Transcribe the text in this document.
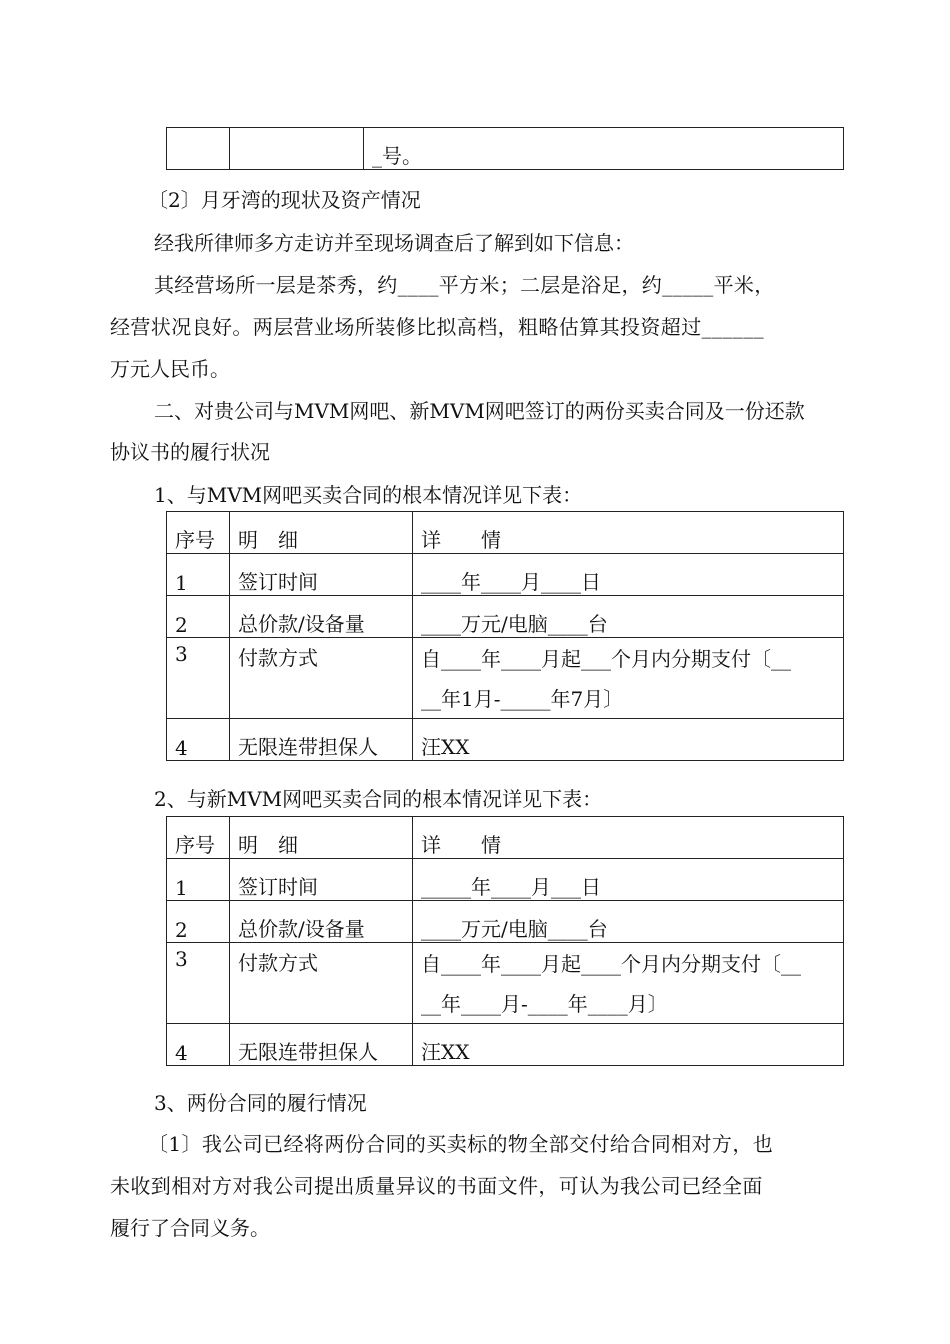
		_号。
〔2〕月牙湾的现状及资产情况
经我所律师多方走访并至现场调查后了解到如下信息：
其经营场所一层是茶秀，约____平方米；二层是浴足，约_____平米，
经营状况良好。两层营业场所装修比拟高档，粗略估算其投资超过______
万元人民币。
二、对贵公司与MVM网吧、新MVM网吧签订的两份买卖合同及一份还款
协议书的履行状况
1、与MVM网吧买卖合同的根本情况详见下表：
序号	明　细	详　　情
1	签订时间	____年____月____日
2	总价款/设备量	____万元/电脑____台
3	付款方式	自____年____月起___个月内分期支付〔__
__年1月-_____年7月〕

4	无限连带担保人	汪XX
2、与新MVM网吧买卖合同的根本情况详见下表：
序号	明　细	详　　情
1	签订时间	_____年____月___日
2	总价款/设备量	____万元/电脑____台
3	付款方式	自____年____月起____个月内分期支付〔__
__年____月-____年____月〕

4	无限连带担保人	汪XX
3、两份合同的履行情况
〔1〕我公司已经将两份合同的买卖标的物全部交付给合同相对方，也
未收到相对方对我公司提出质量异议的书面文件，可认为我公司已经全面
履行了合同义务。
